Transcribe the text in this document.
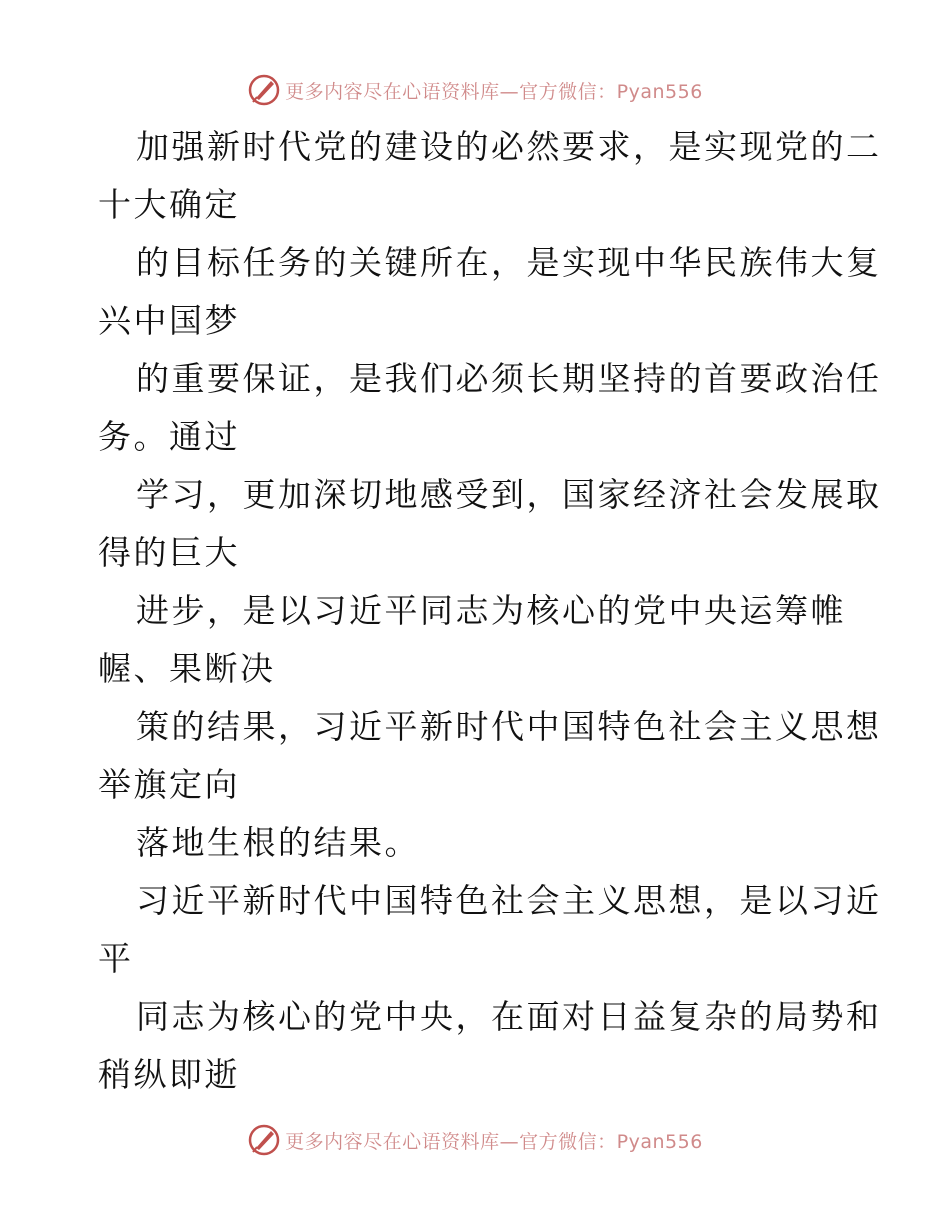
更多内容尽在心语资料库—官方微信：Pyan556
加强新时代党的建设的必然要求，是实现党的二
十大确定
的目标任务的关键所在，是实现中华民族伟大复
兴中国梦
的重要保证，是我们必须长期坚持的首要政治任
务。通过
学习，更加深切地感受到，国家经济社会发展取
得的巨大
进步，是以习近平同志为核心的党中央运筹帷
幄、果断决
策的结果，习近平新时代中国特色社会主义思想
举旗定向
落地生根的结果。
习近平新时代中国特色社会主义思想，是以习近
平
同志为核心的党中央，在面对日益复杂的局势和
稍纵即逝
更多内容尽在心语资料库—官方微信：Pyan556
